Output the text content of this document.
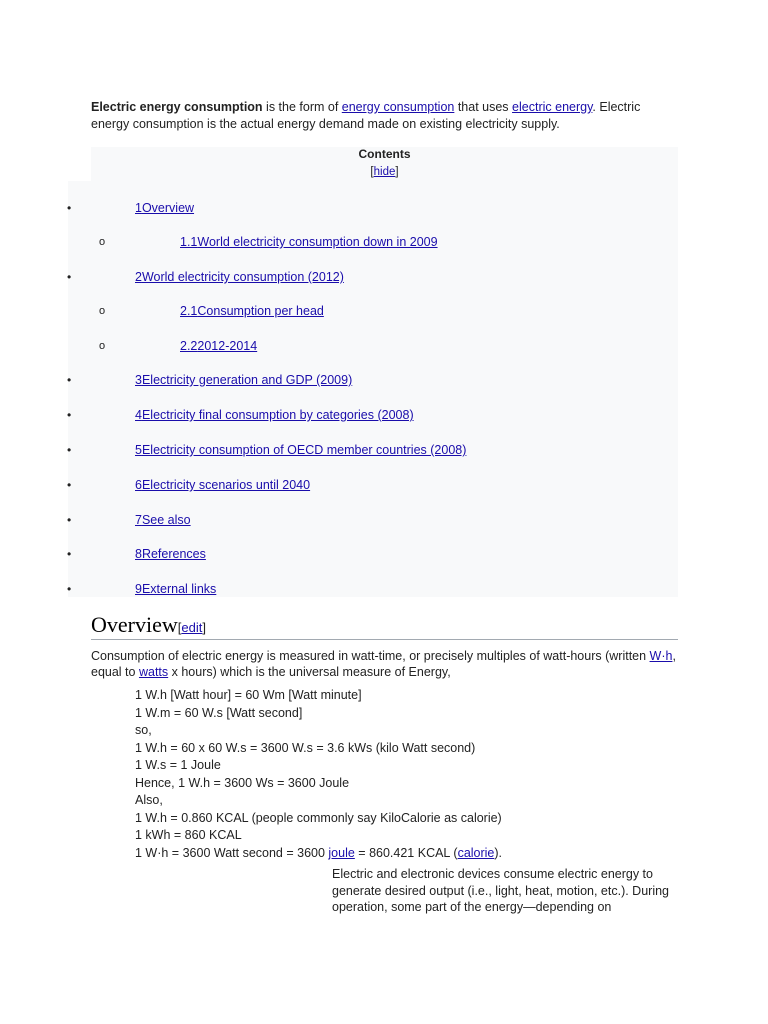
Electric energy consumption is the form of energy consumption that uses electric energy. Electric energy consumption is the actual energy demand made on existing electricity supply.
Contents
[hide]
•	1Overview
o	1.1World electricity consumption down in 2009
•	2World electricity consumption (2012)
o	2.1Consumption per head
o	2.22012-2014
•	3Electricity generation and GDP (2009)
•	4Electricity final consumption by categories (2008)
•	5Electricity consumption of OECD member countries (2008)
•	6Electricity scenarios until 2040
•	7See also
•	8References
•	9External links
Overview[edit]
Consumption of electric energy is measured in watt-time, or precisely multiples of watt-hours (written W·h, equal to watts x hours) which is the universal measure of Energy,
1 W.h [Watt hour] = 60 Wm [Watt minute]
1 W.m = 60 W.s [Watt second]
so,
1 W.h = 60 x 60 W.s = 3600 W.s = 3.6 kWs (kilo Watt second)
1 W.s = 1 Joule
Hence, 1 W.h = 3600 Ws = 3600 Joule
Also,
1 W.h = 0.860 KCAL (people commonly say KiloCalorie as calorie)
1 kWh = 860 KCAL
1 W·h = 3600 Watt second = 3600 joule = 860.421 KCAL (calorie).
Electric and electronic devices consume electric energy to generate desired output (i.e., light, heat, motion, etc.). During operation, some part of the energy—depending on
